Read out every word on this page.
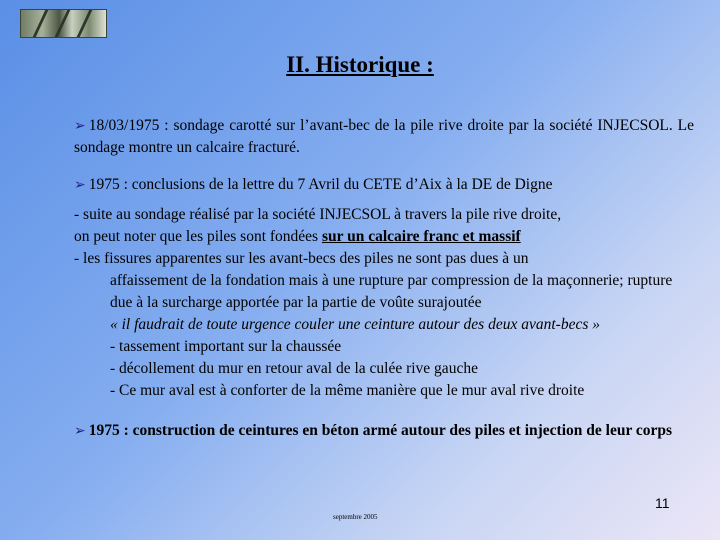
II. Historique :

➢ 18/03/1975 : sondage carotté sur l’avant-bec de la pile rive droite par la société INJECSOL. Le sondage montre un calcaire fracturé.

➢ 1975 : conclusions de la lettre du 7 Avril du CETE d’Aix à la DE de Digne

- suite au sondage réalisé par la société INJECSOL à travers la pile rive droite,
on peut noter que les piles sont fondées sur un calcaire franc et massif
- les fissures apparentes sur les avant-becs des piles ne sont pas dues à un
affaissement de la fondation mais à une rupture par compression de la maçonnerie; rupture due à la surcharge apportée par la partie de voûte surajoutée
« il faudrait de toute urgence couler une ceinture autour des deux avant-becs »
- tassement important sur la chaussée
- décollement du mur en retour aval de la culée rive gauche
- Ce mur aval est à conforter de la même manière que le mur aval rive droite

➢ 1975 : construction de ceintures en béton armé autour des piles et injection de leur corps

11
septembre 2005
